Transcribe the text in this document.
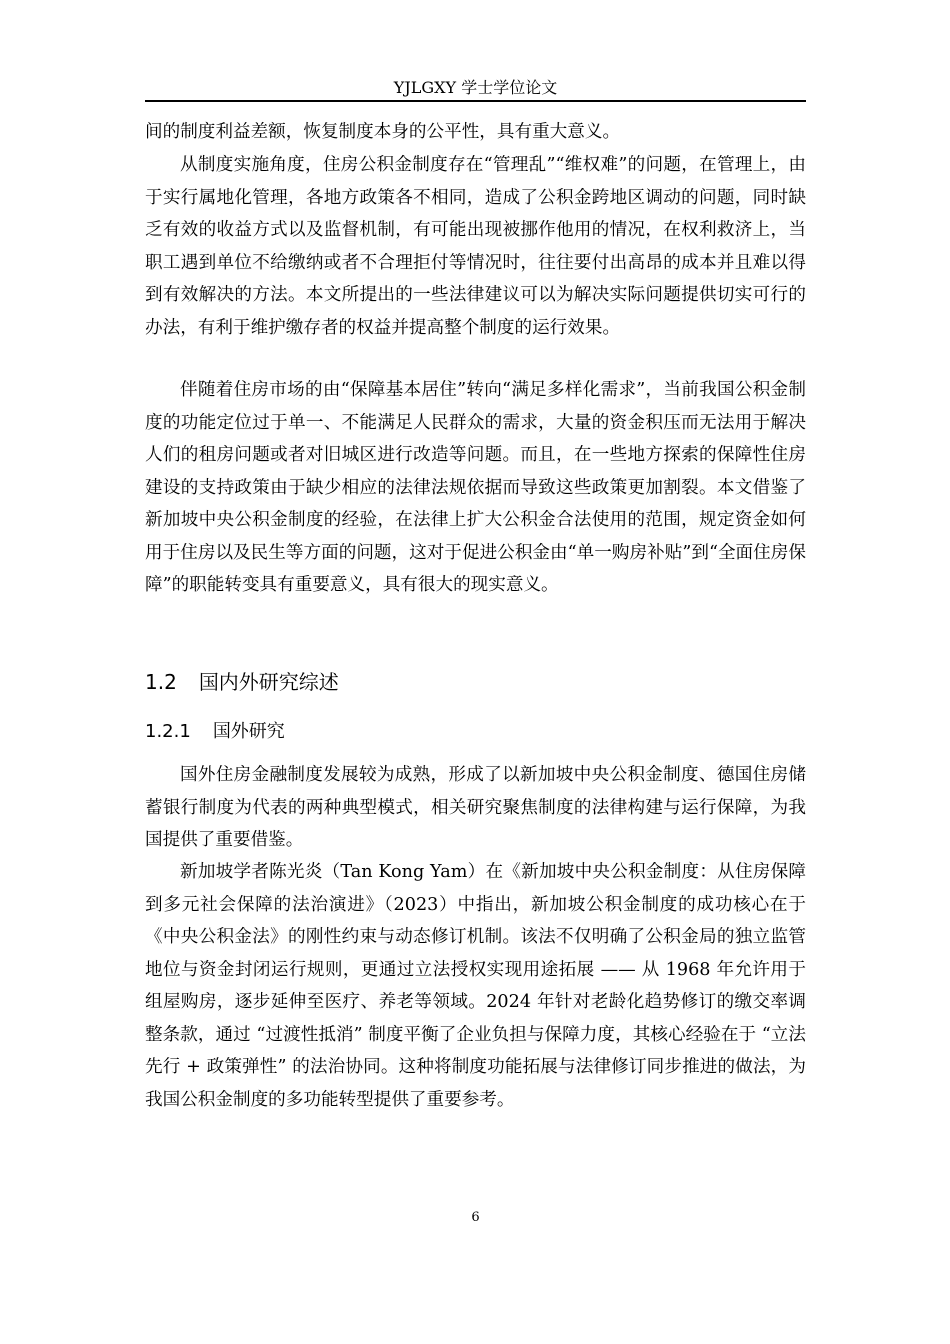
YJLGXY 学士学位论文

间的制度利益差额，恢复制度本身的公平性，具有重大意义。

从制度实施角度，住房公积金制度存在“管理乱”“维权难”的问题，在管理上，由于实行属地化管理，各地方政策各不相同，造成了公积金跨地区调动的问题，同时缺乏有效的收益方式以及监督机制，有可能出现被挪作他用的情况，在权利救济上，当职工遇到单位不给缴纳或者不合理拒付等情况时，往往要付出高昂的成本并且难以得到有效解决的方法。本文所提出的一些法律建议可以为解决实际问题提供切实可行的办法，有利于维护缴存者的权益并提高整个制度的运行效果。

伴随着住房市场的由“保障基本居住”转向“满足多样化需求”，当前我国公积金制度的功能定位过于单一、不能满足人民群众的需求，大量的资金积压而无法用于解决人们的租房问题或者对旧城区进行改造等问题。而且，在一些地方探索的保障性住房建设的支持政策由于缺少相应的法律法规依据而导致这些政策更加割裂。本文借鉴了新加坡中央公积金制度的经验，在法律上扩大公积金合法使用的范围，规定资金如何用于住房以及民生等方面的问题，这对于促进公积金由“单一购房补贴”到“全面住房保障”的职能转变具有重要意义，具有很大的现实意义。

1.2 国内外研究综述
1.2.1 国外研究

国外住房金融制度发展较为成熟，形成了以新加坡中央公积金制度、德国住房储蓄银行制度为代表的两种典型模式，相关研究聚焦制度的法律构建与运行保障，为我国提供了重要借鉴。

新加坡学者陈光炎（Tan Kong Yam）在《新加坡中央公积金制度：从住房保障到多元社会保障的法治演进》（2023）中指出，新加坡公积金制度的成功核心在于《中央公积金法》的刚性约束与动态修订机制。该法不仅明确了公积金局的独立监管地位与资金封闭运行规则，更通过立法授权实现用途拓展 —— 从 1968 年允许用于组屋购房，逐步延伸至医疗、养老等领域。2024 年针对老龄化趋势修订的缴交率调整条款，通过 “过渡性抵消” 制度平衡了企业负担与保障力度，其核心经验在于 “立法先行 + 政策弹性” 的法治协同。这种将制度功能拓展与法律修订同步推进的做法，为我国公积金制度的多功能转型提供了重要参考。

6
